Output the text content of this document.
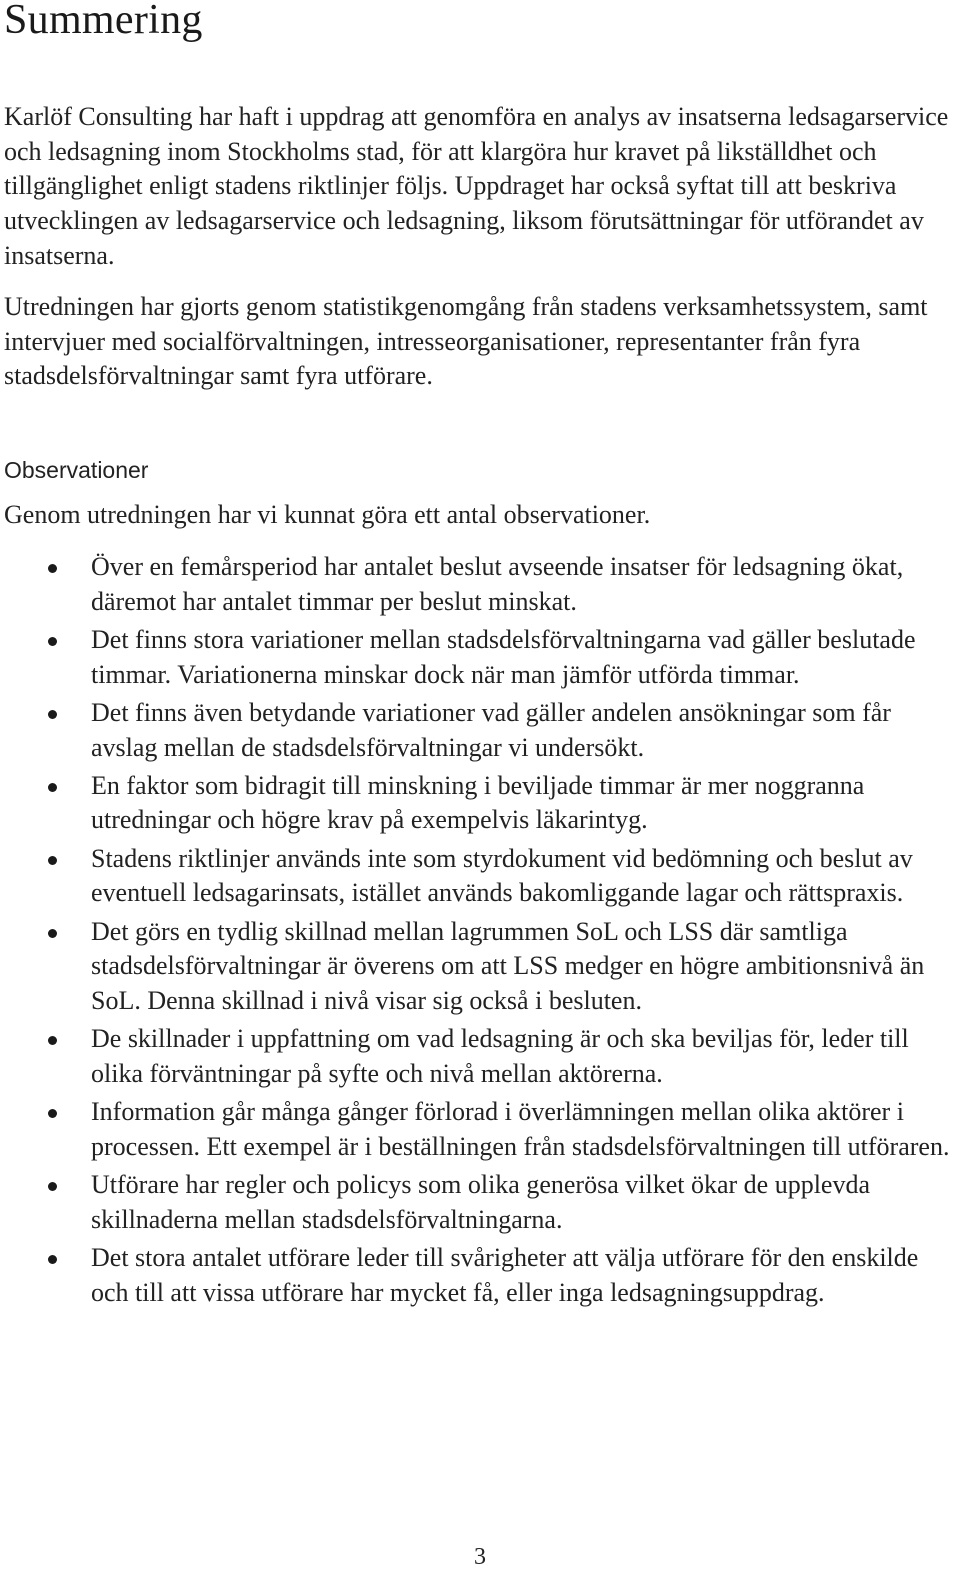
Summering

Karlöf Consulting har haft i uppdrag att genomföra en analys av insatserna ledsagarservice och ledsagning inom Stockholms stad, för att klargöra hur kravet på likställdhet och tillgänglighet enligt stadens riktlinjer följs. Uppdraget har också syftat till att beskriva utvecklingen av ledsagarservice och ledsagning, liksom förutsättningar för utförandet av insatserna.

Utredningen har gjorts genom statistikgenomgång från stadens verksamhetssystem, samt intervjuer med socialförvaltningen, intresseorganisationer, representanter från fyra stadsdelsförvaltningar samt fyra utförare.

Observationer

Genom utredningen har vi kunnat göra ett antal observationer.

Över en femårsperiod har antalet beslut avseende insatser för ledsagning ökat, däremot har antalet timmar per beslut minskat.
Det finns stora variationer mellan stadsdelsförvaltningarna vad gäller beslutade timmar. Variationerna minskar dock när man jämför utförda timmar.
Det finns även betydande variationer vad gäller andelen ansökningar som får avslag mellan de stadsdelsförvaltningar vi undersökt.
En faktor som bidragit till minskning i beviljade timmar är mer noggranna utredningar och högre krav på exempelvis läkarintyg.
Stadens riktlinjer används inte som styrdokument vid bedömning och beslut av eventuell ledsagarinsats, istället används bakomliggande lagar och rättspraxis.
Det görs en tydlig skillnad mellan lagrummen SoL och LSS där samtliga stadsdelsförvaltningar är överens om att LSS medger en högre ambitionsnivå än SoL. Denna skillnad i nivå visar sig också i besluten.
De skillnader i uppfattning om vad ledsagning är och ska beviljas för, leder till olika förväntningar på syfte och nivå mellan aktörerna.
Information går många gånger förlorad i överlämningen mellan olika aktörer i processen. Ett exempel är i beställningen från stadsdelsförvaltningen till utföraren.
Utförare har regler och policys som olika generösa vilket ökar de upplevda skillnaderna mellan stadsdelsförvaltningarna.
Det stora antalet utförare leder till svårigheter att välja utförare för den enskilde och till att vissa utförare har mycket få, eller inga ledsagningsuppdrag.
3
